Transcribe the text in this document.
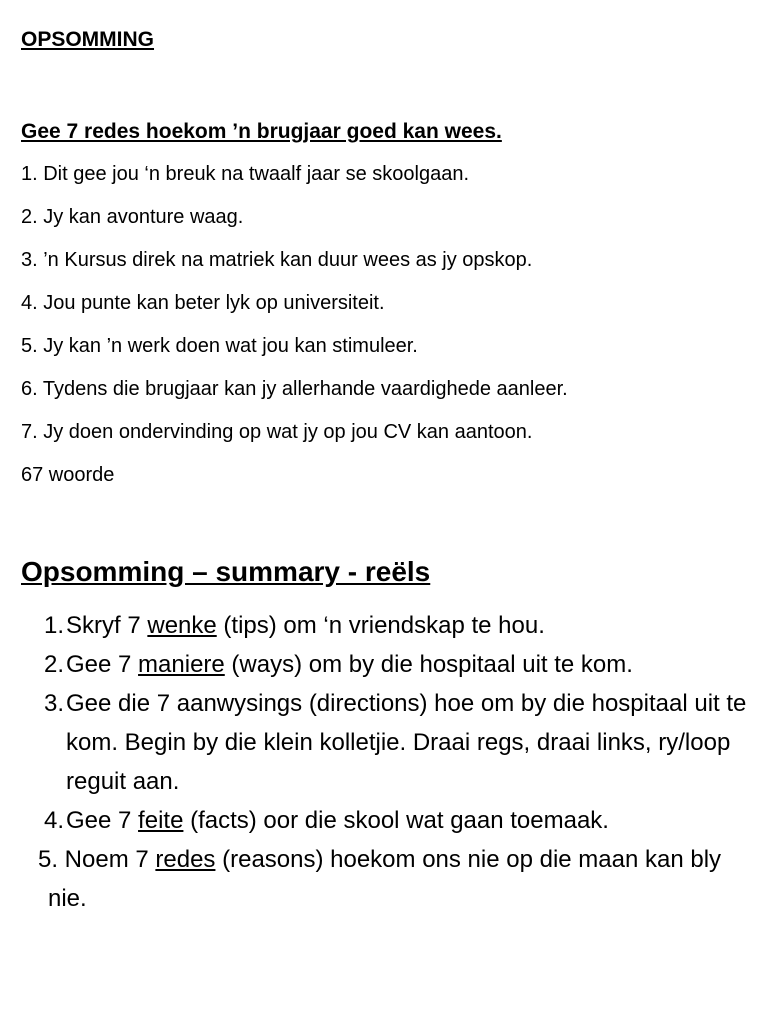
OPSOMMING
Gee 7 redes hoekom ’n brugjaar goed kan wees.
1. Dit gee jou ‘n breuk na twaalf jaar se skoolgaan.
2. Jy kan avonture waag.
3. ’n Kursus direk na matriek kan duur wees as jy opskop.
4. Jou punte kan beter lyk op universiteit.
5. Jy kan ’n werk doen wat jou kan stimuleer.
6. Tydens die brugjaar kan jy allerhande vaardighede aanleer.
7. Jy doen ondervinding op wat jy op jou CV kan aantoon.
67 woorde
Opsomming – summary - reëls
1. Skryf 7 wenke (tips) om ‘n vriendskap te hou.
2. Gee 7 maniere (ways) om by die hospitaal uit te kom.
3. Gee die 7 aanwysings (directions) hoe om by die hospitaal uit te kom. Begin by die klein kolletjie. Draai regs, draai links, ry/loop reguit aan.
4. Gee 7 feite (facts) oor die skool wat gaan toemaak.
5. Noem 7 redes (reasons) hoekom ons nie op die maan kan bly nie.
